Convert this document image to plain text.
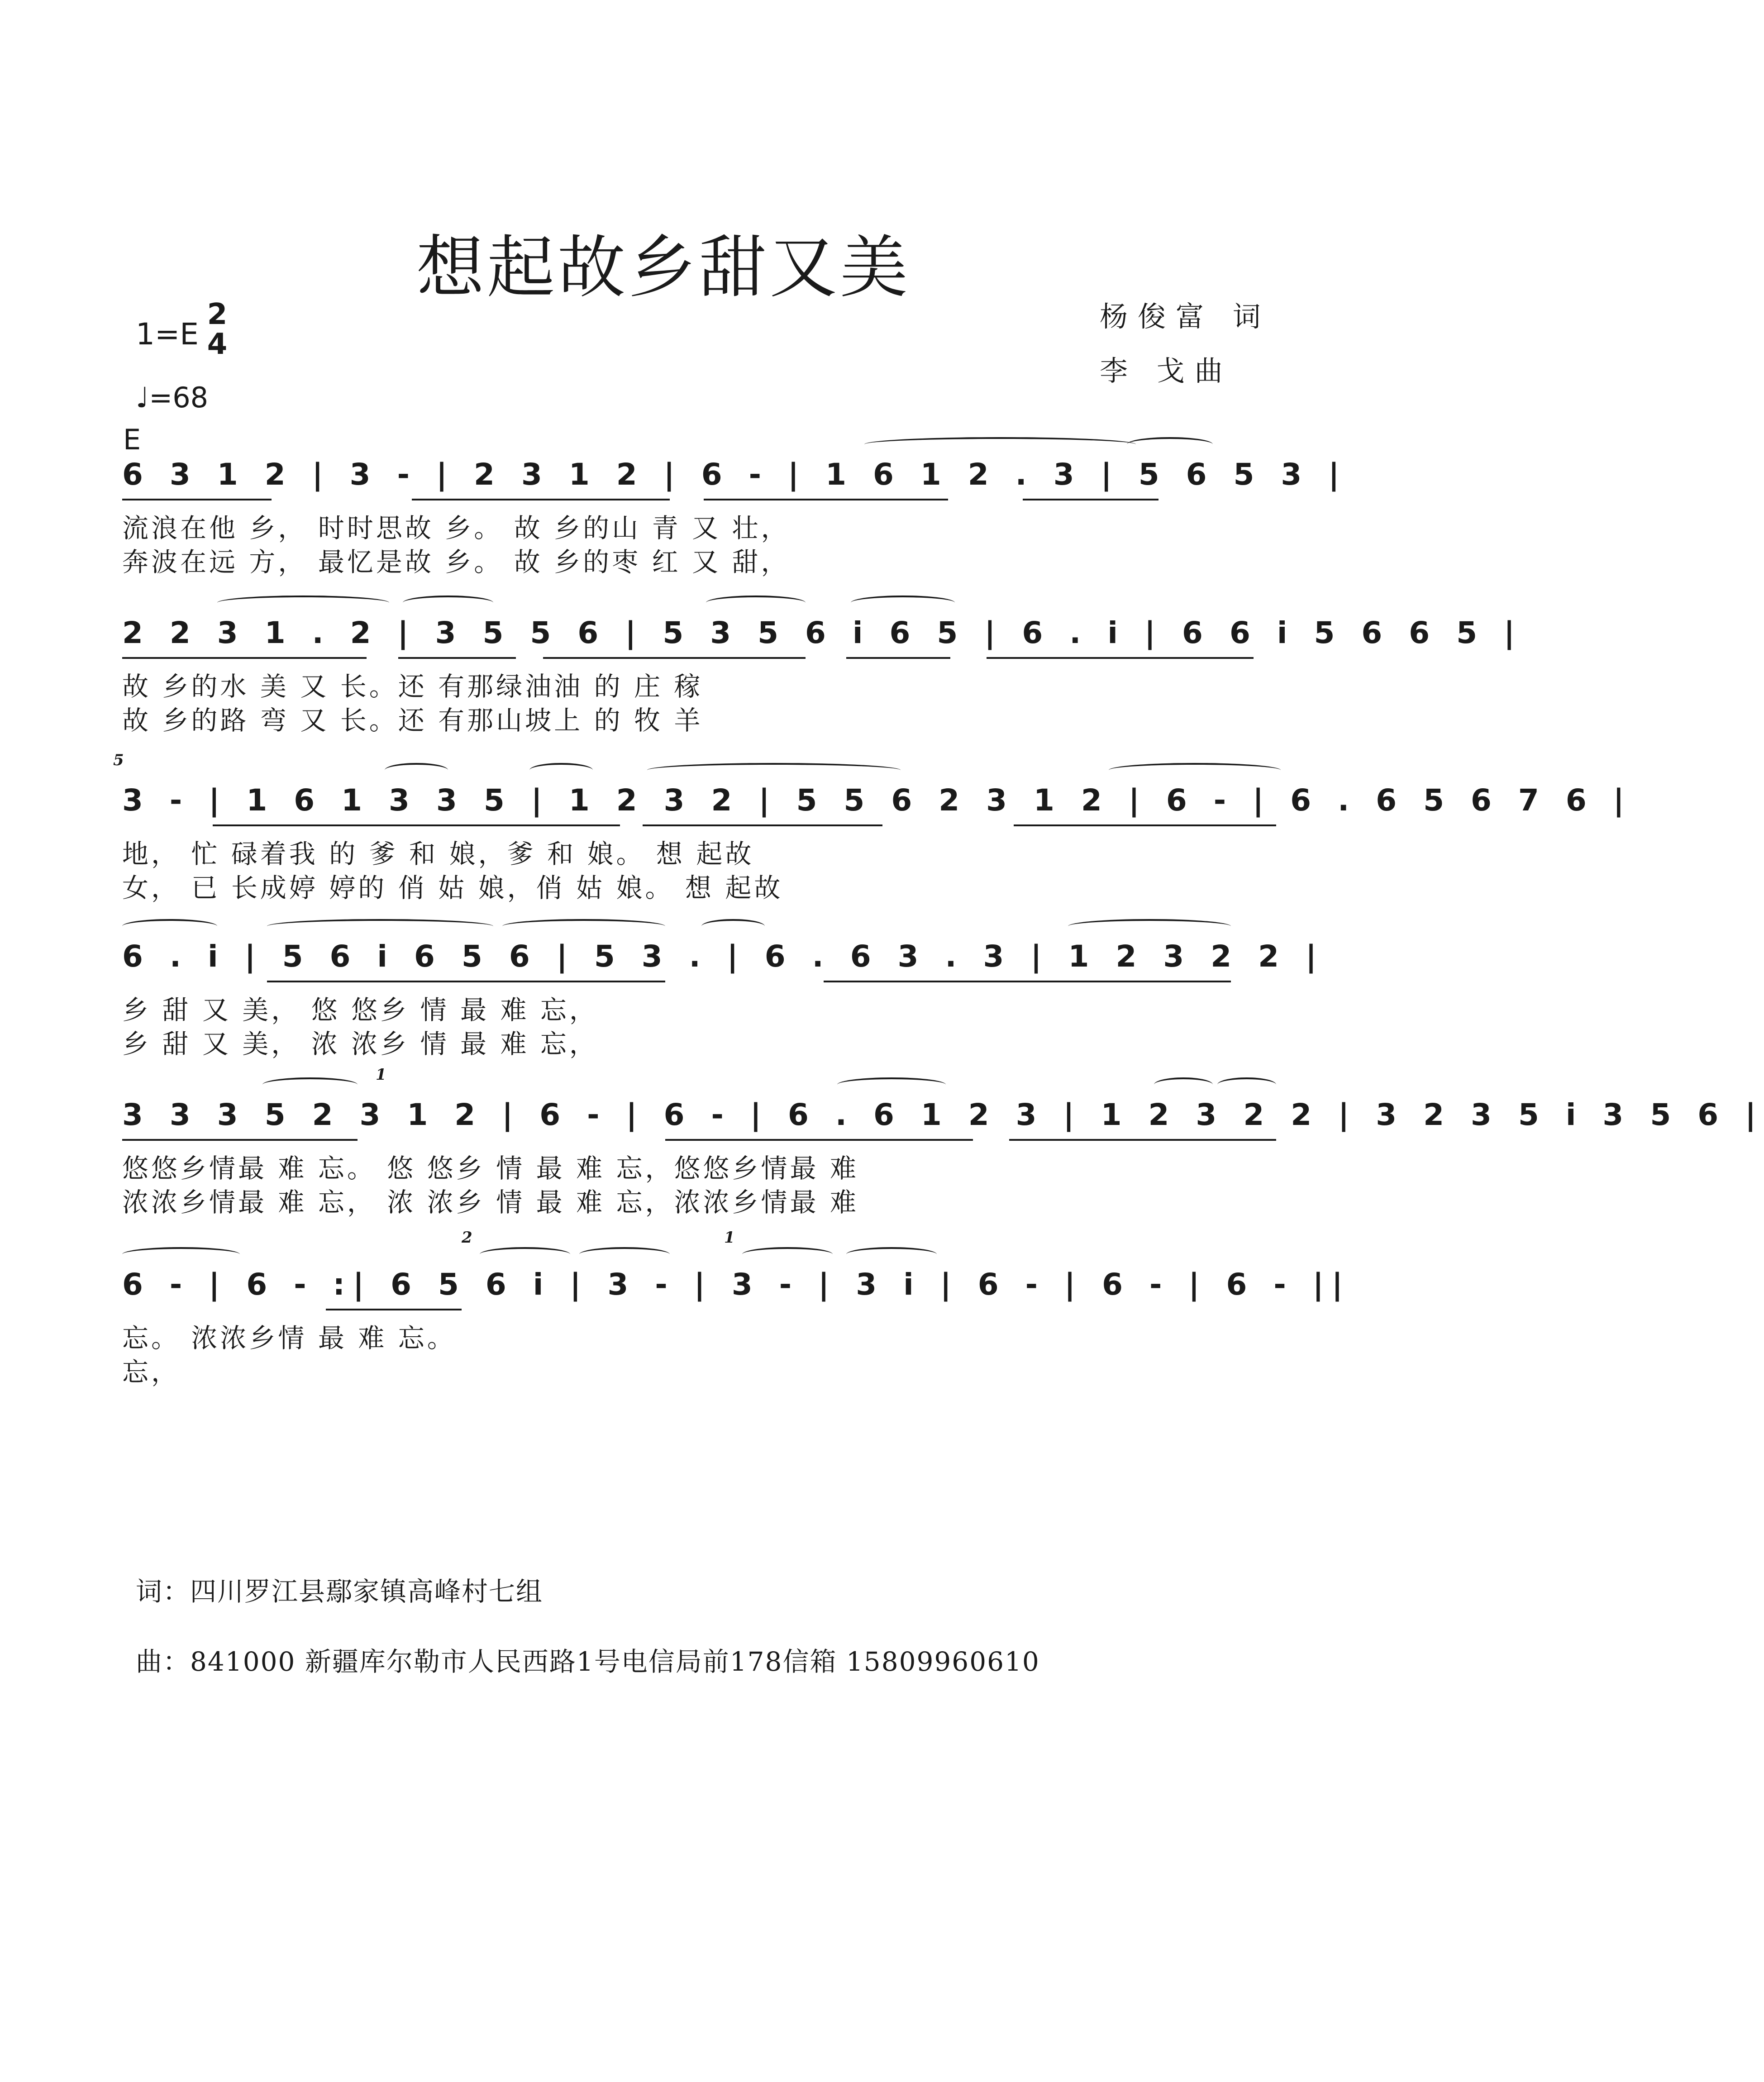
想起故乡甜又美
杨俊富 词
李 戈曲
1=E
2
4
♩=68
E
6 3 1 2 | 3 - | 2 3 1 2 | 6 - | 1 6 1 2 . 3 | 5 6 5 3 |
流浪在他 乡， 时时思故 乡。 故 乡的山 青 又 壮，
奔波在远 方， 最忆是故 乡。 故 乡的枣 红 又 甜，
2 2 3 1 . 2 | 3 5 5 6 | 5 3 5 6 i 6 5 | 6 . i | 6 6 i 5 6 6 5 |
故 乡的水 美 又 长。还 有那绿油油 的 庄 稼
故 乡的路 弯 又 长。还 有那山坡上 的 牧 羊
5
3 - | 1 6 1 3 3 5 | 1 2 3 2 | 5 5 6 2 3 1 2 | 6 - | 6 . 6 5 6 7 6 |
地， 忙 碌着我 的 爹 和 娘，爹 和 娘。 想 起故
女， 已 长成婷 婷的 俏 姑 娘，俏 姑 娘。 想 起故
6 . i | 5 6 i 6 5 6 | 5 3 . | 6 . 6 3 . 3 | 1 2 3 2 2 |
乡 甜 又 美， 悠 悠乡 情 最 难 忘，
乡 甜 又 美， 浓 浓乡 情 最 难 忘，
1
3 3 3 5 2 3 1 2 | 6 - | 6 - | 6 . 6 1 2 3 | 1 2 3 2 2 | 3 2 3 5 i 3 5 6 |
悠悠乡情最 难 忘。 悠 悠乡 情 最 难 忘，悠悠乡情最 难
浓浓乡情最 难 忘， 浓 浓乡 情 最 难 忘，浓浓乡情最 难
2	1
6 - | 6 - :| 6 5 6 i | 3 - | 3 - | 3 i | 6 - | 6 - | 6 - ||
忘。 浓浓乡情 最 难 忘。
忘，
词：四川罗江县鄢家镇高峰村七组
曲：841000 新疆库尔勒市人民西路1号电信局前178信箱 15809960610
